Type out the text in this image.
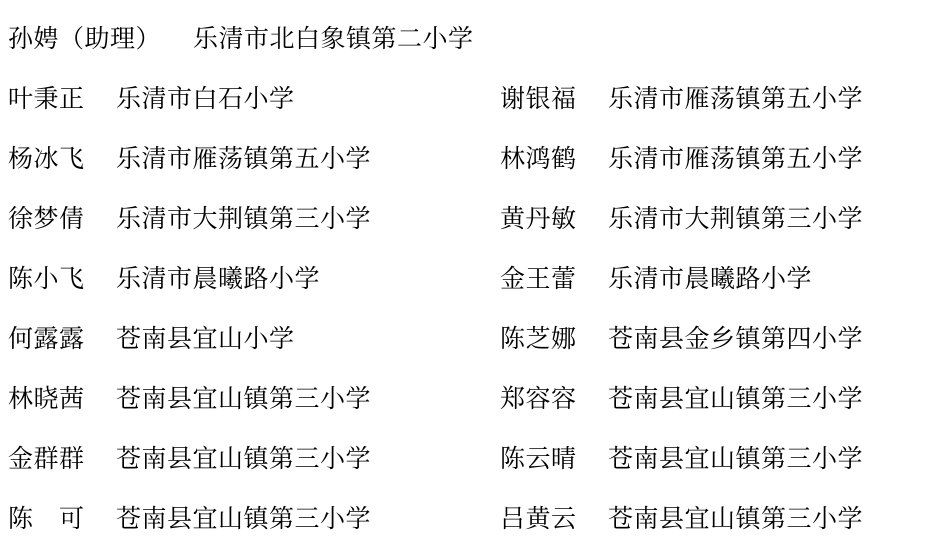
孙娉（助理）	乐清市北白象镇第二小学
叶秉正	乐清市白石小学	谢银福	乐清市雁荡镇第五小学
杨冰飞	乐清市雁荡镇第五小学	林鸿鹤	乐清市雁荡镇第五小学
徐梦倩	乐清市大荆镇第三小学	黄丹敏	乐清市大荆镇第三小学
陈小飞	乐清市晨曦路小学	金王蕾	乐清市晨曦路小学
何露露	苍南县宜山小学	陈芝娜	苍南县金乡镇第四小学
林晓茜	苍南县宜山镇第三小学	郑容容	苍南县宜山镇第三小学
金群群	苍南县宜山镇第三小学	陈云晴	苍南县宜山镇第三小学
陈　可	苍南县宜山镇第三小学	吕黄云	苍南县宜山镇第三小学
